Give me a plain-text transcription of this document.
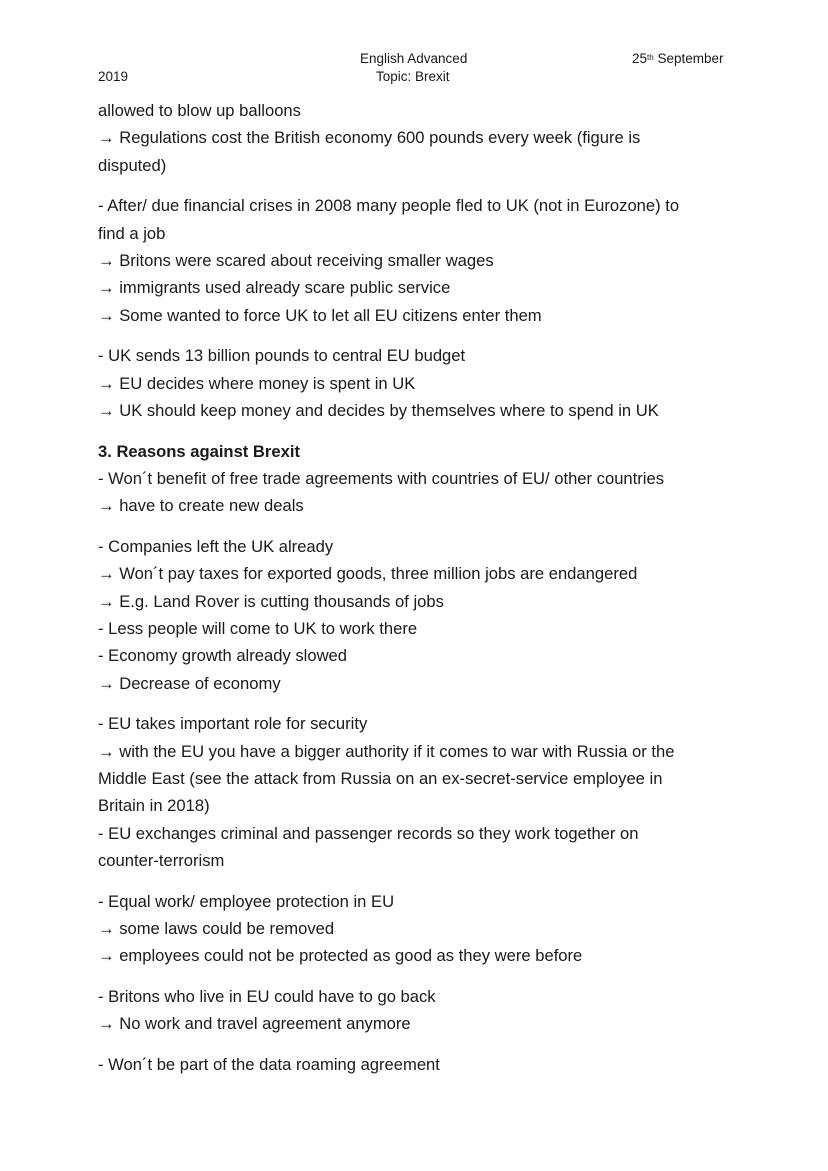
English Advanced
Topic: Brexit
25th September
2019
allowed to blow up balloons
→ Regulations cost the British economy 600 pounds every week (figure is
disputed)
- After/ due financial crises in 2008 many people fled to UK (not in Eurozone) to
find a job
→ Britons were scared about receiving smaller wages
→ immigrants used already scare public service
→ Some wanted to force UK to let all EU citizens enter them
- UK sends 13 billion pounds to central EU budget
→ EU decides where money is spent in UK
→ UK should keep money and decides by themselves where to spend in UK
3. Reasons against Brexit
- Won´t benefit of free trade agreements with countries of EU/ other countries
→ have to create new deals
- Companies left the UK already
→ Won´t pay taxes for exported goods, three million jobs are endangered
→ E.g. Land Rover is cutting thousands of jobs
- Less people will come to UK to work there
- Economy growth already slowed
→ Decrease of economy
- EU takes important role for security
→ with the EU you have a bigger authority if it comes to war with Russia or the
Middle East (see the attack from Russia on an ex-secret-service employee in
Britain in 2018)
- EU exchanges criminal and passenger records so they work together on
counter-terrorism
- Equal work/ employee protection in EU
→ some laws could be removed
→ employees could not be protected as good as they were before
- Britons who live in EU could have to go back
→ No work and travel agreement anymore
- Won´t be part of the data roaming agreement
